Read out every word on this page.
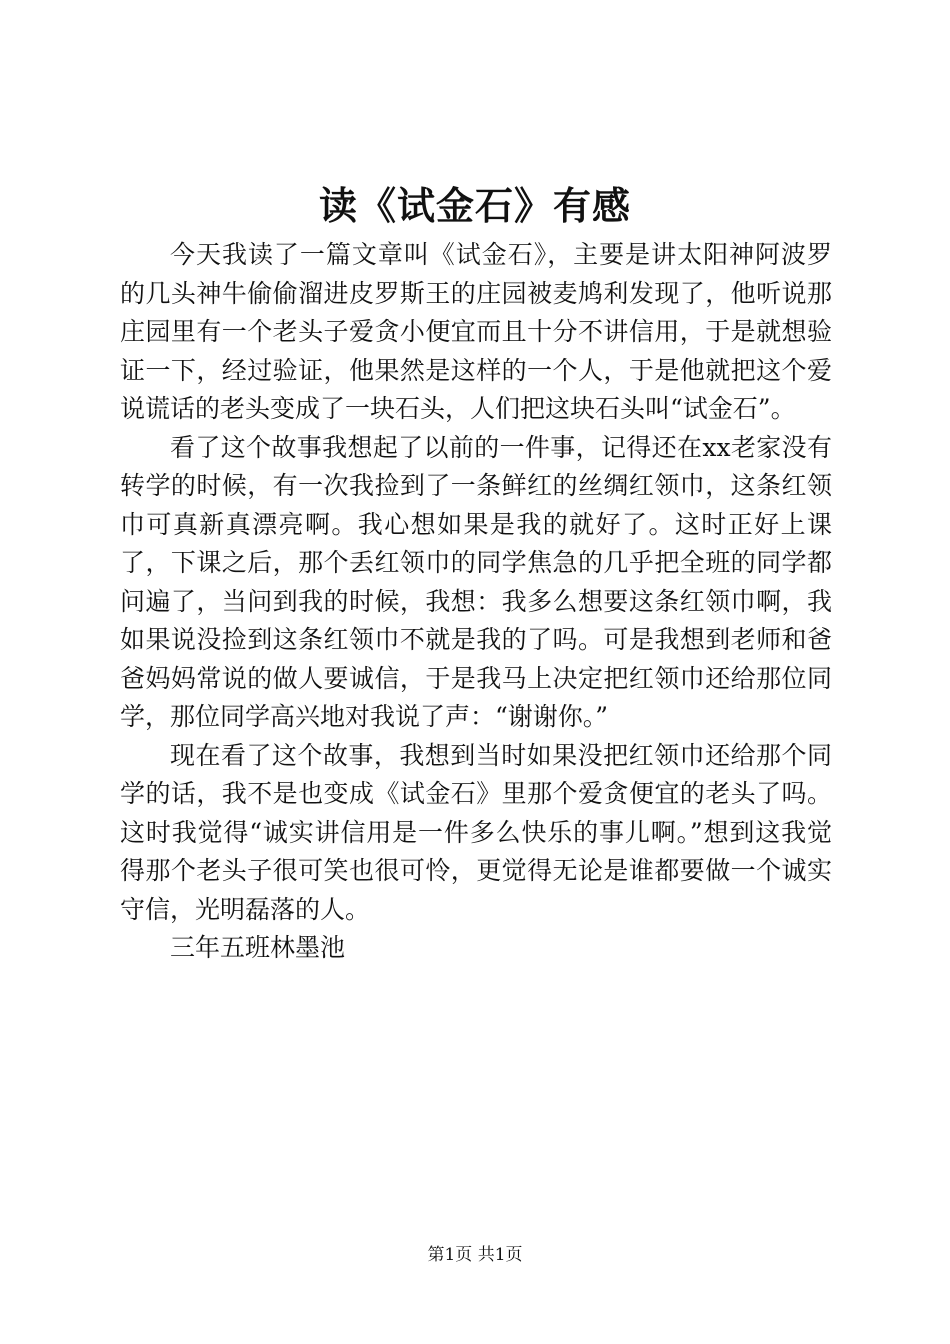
读《试金石》有感

今天我读了一篇文章叫《试金石》，主要是讲太阳神阿波罗的几头神牛偷偷溜进皮罗斯王的庄园被麦鸠利发现了，他听说那庄园里有一个老头子爱贪小便宜而且十分不讲信用，于是就想验证一下，经过验证，他果然是这样的一个人，于是他就把这个爱说谎话的老头变成了一块石头，人们把这块石头叫“试金石”。

看了这个故事我想起了以前的一件事，记得还在xx老家没有转学的时候，有一次我捡到了一条鲜红的丝绸红领巾，这条红领巾可真新真漂亮啊。我心想如果是我的就好了。这时正好上课了，下课之后，那个丢红领巾的同学焦急的几乎把全班的同学都问遍了，当问到我的时候，我想：我多么想要这条红领巾啊，我如果说没捡到这条红领巾不就是我的了吗。可是我想到老师和爸爸妈妈常说的做人要诚信，于是我马上决定把红领巾还给那位同学，那位同学高兴地对我说了声：“谢谢你。”

现在看了这个故事，我想到当时如果没把红领巾还给那个同学的话，我不是也变成《试金石》里那个爱贪便宜的老头了吗。这时我觉得“诚实讲信用是一件多么快乐的事儿啊。”想到这我觉得那个老头子很可笑也很可怜，更觉得无论是谁都要做一个诚实守信，光明磊落的人。

三年五班林墨池

第1页 共1页
